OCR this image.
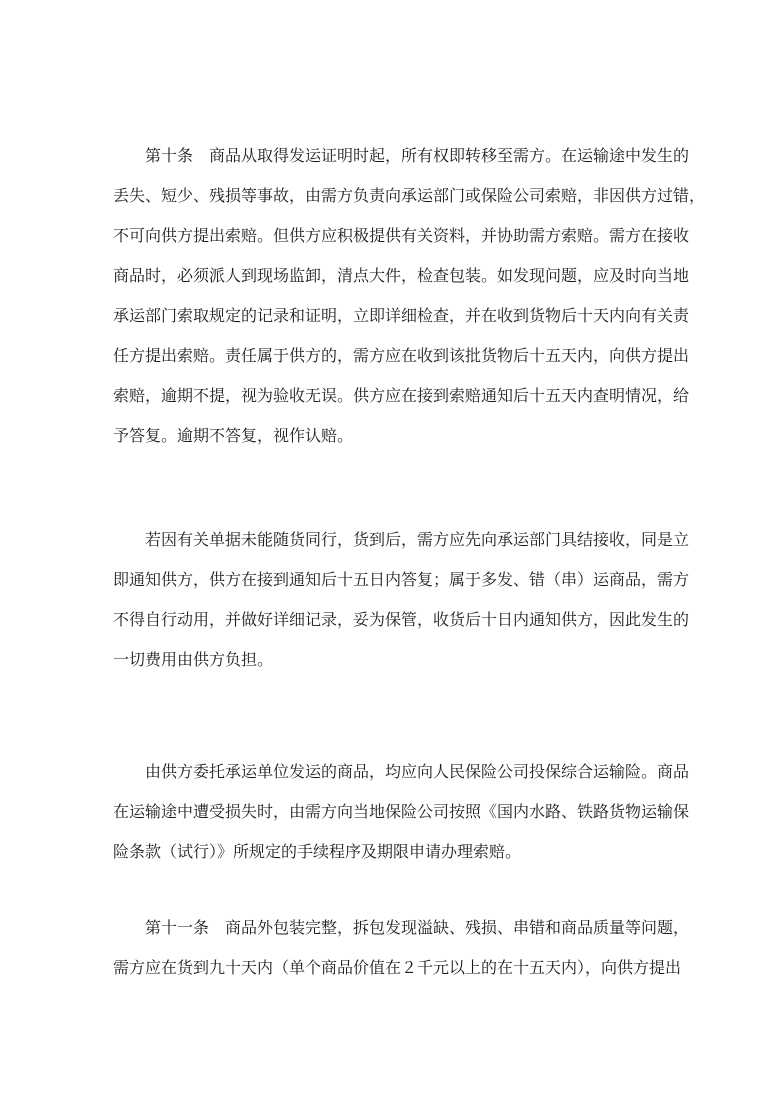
第十条　商品从取得发运证明时起，所有权即转移至需方。在运输途中发生的
丢失、短少、残损等事故，由需方负责向承运部门或保险公司索赔，非因供方过错，
不可向供方提出索赔。但供方应积极提供有关资料，并协助需方索赔。需方在接收
商品时，必须派人到现场监卸，清点大件，检查包装。如发现问题，应及时向当地
承运部门索取规定的记录和证明，立即详细检查，并在收到货物后十天内向有关责
任方提出索赔。责任属于供方的，需方应在收到该批货物后十五天内，向供方提出
索赔，逾期不提，视为验收无误。供方应在接到索赔通知后十五天内查明情况，给
予答复。逾期不答复，视作认赔。
若因有关单据未能随货同行，货到后，需方应先向承运部门具结接收，同是立
即通知供方，供方在接到通知后十五日内答复；属于多发、错（串）运商品，需方
不得自行动用，并做好详细记录，妥为保管，收货后十日内通知供方，因此发生的
一切费用由供方负担。
由供方委托承运单位发运的商品，均应向人民保险公司投保综合运输险。商品
在运输途中遭受损失时，由需方向当地保险公司按照《国内水路、铁路货物运输保
险条款（试行）》所规定的手续程序及期限申请办理索赔。
第十一条　商品外包装完整，拆包发现溢缺、残损、串错和商品质量等问题，
需方应在货到九十天内（单个商品价值在２千元以上的在十五天内），向供方提出
